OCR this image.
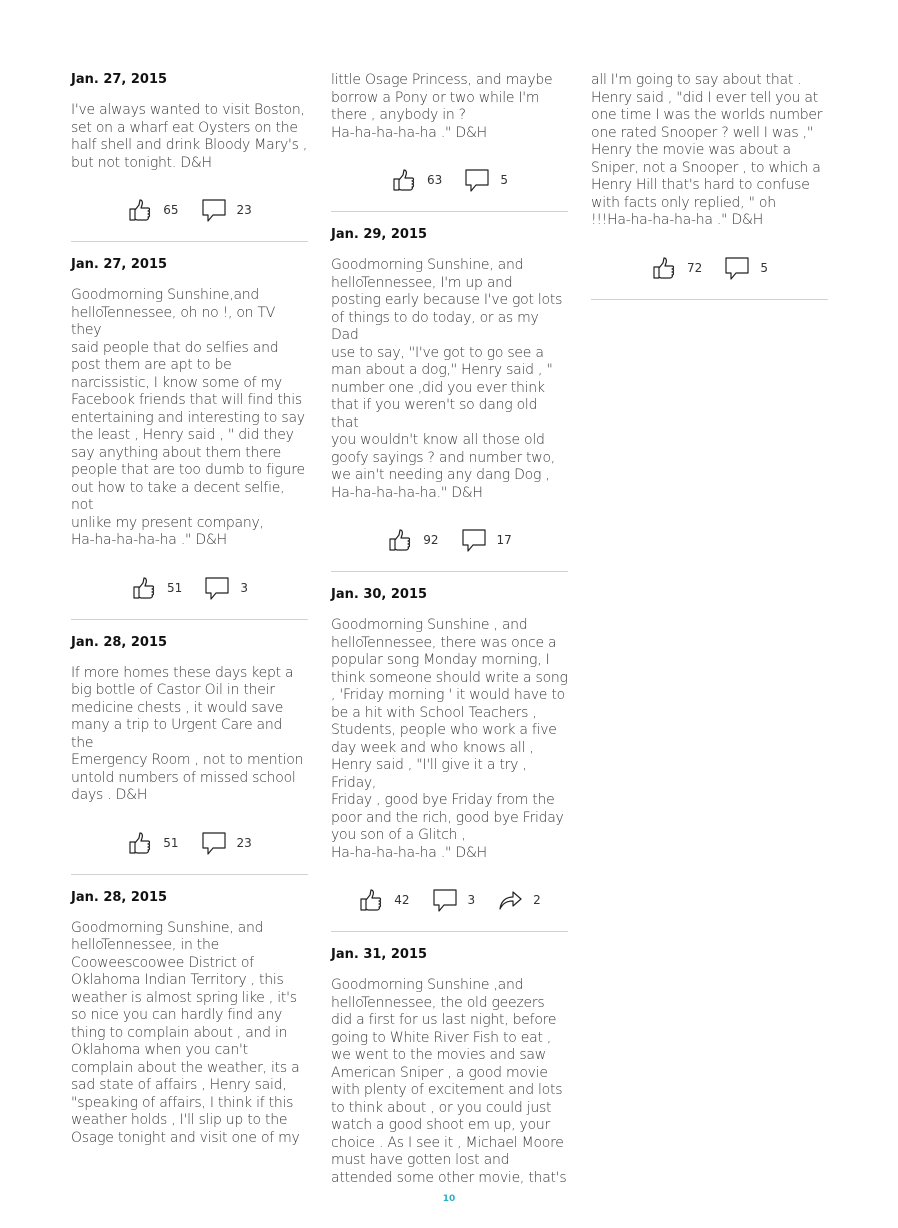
Jan. 27, 2015

I've always wanted to visit Boston,
set on a wharf eat Oysters on the
half shell and drink Bloody Mary's ,
but not tonight. D&H

65	23

Jan. 27, 2015

Goodmorning Sunshine,and
helloTennessee, oh no !, on TV they
said people that do selfies and
post them are apt to be
narcissistic, I know some of my
Facebook friends that will find this
entertaining and interesting to say
the least , Henry said , " did they
say anything about them there
people that are too dumb to figure
out how to take a decent selfie, not
unlike my present company,
Ha-ha-ha-ha-ha ." D&H

51	3

Jan. 28, 2015

If more homes these days kept a
big bottle of Castor Oil in their
medicine chests , it would save
many a trip to Urgent Care and the
Emergency Room , not to mention
untold numbers of missed school
days . D&H

51	23

Jan. 28, 2015

Goodmorning Sunshine, and
helloTennessee, in the
Cooweescoowee District of
Oklahoma Indian Territory , this
weather is almost spring like , it's
so nice you can hardly find any
thing to complain about , and in
Oklahoma when you can't
complain about the weather, its a
sad state of affairs , Henry said,
"speaking of affairs, I think if this
weather holds , I'll slip up to the
Osage tonight and visit one of my

little Osage Princess, and maybe
borrow a Pony or two while I'm
there , anybody in ?
Ha-ha-ha-ha-ha ." D&H

63	5

Jan. 29, 2015

Goodmorning Sunshine, and
helloTennessee, I'm up and
posting early because I've got lots
of things to do today, or as my Dad
use to say, "I've got to go see a
man about a dog," Henry said , "
number one ,did you ever think
that if you weren't so dang old that
you wouldn't know all those old
goofy sayings ? and number two,
we ain't needing any dang Dog ,
Ha-ha-ha-ha-ha." D&H

92	17

Jan. 30, 2015

Goodmorning Sunshine , and
helloTennessee, there was once a
popular song Monday morning, I
think someone should write a song
, 'Friday morning ' it would have to
be a hit with School Teachers ,
Students, people who work a five
day week and who knows all ,
Henry said , "I'll give it a try , Friday,
Friday , good bye Friday from the
poor and the rich, good bye Friday
you son of a Glitch ,
Ha-ha-ha-ha-ha ." D&H

42	3	2

Jan. 31, 2015

Goodmorning Sunshine ,and
helloTennessee, the old geezers
did a first for us last night, before
going to White River Fish to eat ,
we went to the movies and saw
American Sniper , a good movie
with plenty of excitement and lots
to think about , or you could just
watch a good shoot em up, your
choice . As I see it , Michael Moore
must have gotten lost and
attended some other movie, that's

all I'm going to say about that .
Henry said , "did I ever tell you at
one time I was the worlds number
one rated Snooper ? well I was ,"
Henry the movie was about a
Sniper, not a Snooper , to which a
Henry Hill that's hard to confuse
with facts only replied, " oh
!!!Ha-ha-ha-ha-ha ." D&H

72	5
10
